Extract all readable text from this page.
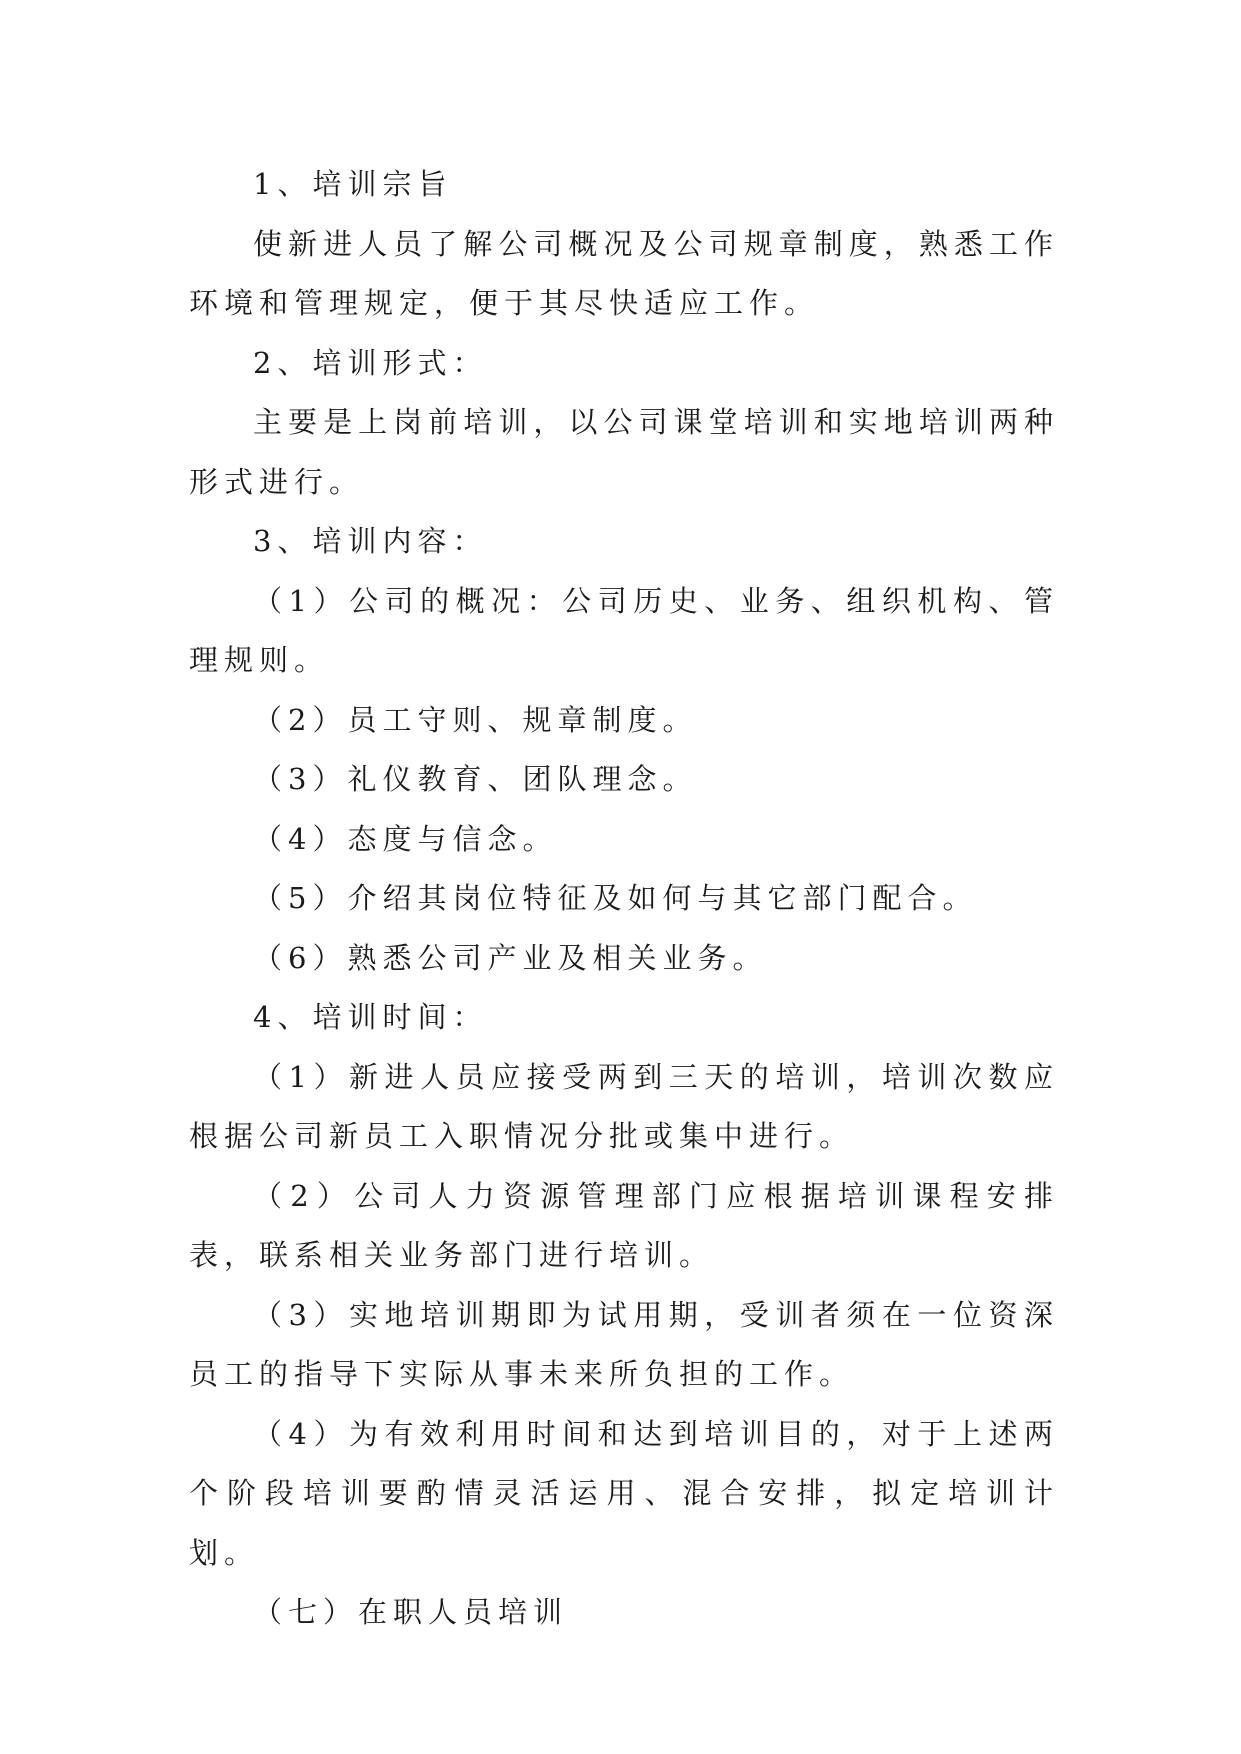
1、培训宗旨

使新进人员了解公司概况及公司规章制度，熟悉工作环境和管理规定，便于其尽快适应工作。

2、培训形式：

主要是上岗前培训，以公司课堂培训和实地培训两种形式进行。

3、培训内容：

（1）公司的概况：公司历史、业务、组织机构、管理规则。

（2）员工守则、规章制度。

（3）礼仪教育、团队理念。

（4）态度与信念。

（5）介绍其岗位特征及如何与其它部门配合。

（6）熟悉公司产业及相关业务。

4、培训时间：

（1）新进人员应接受两到三天的培训，培训次数应根据公司新员工入职情况分批或集中进行。

（2）公司人力资源管理部门应根据培训课程安排表，联系相关业务部门进行培训。

（3）实地培训期即为试用期，受训者须在一位资深员工的指导下实际从事未来所负担的工作。

（4）为有效利用时间和达到培训目的，对于上述两个阶段培训要酌情灵活运用、混合安排，拟定培训计划。

（七）在职人员培训
